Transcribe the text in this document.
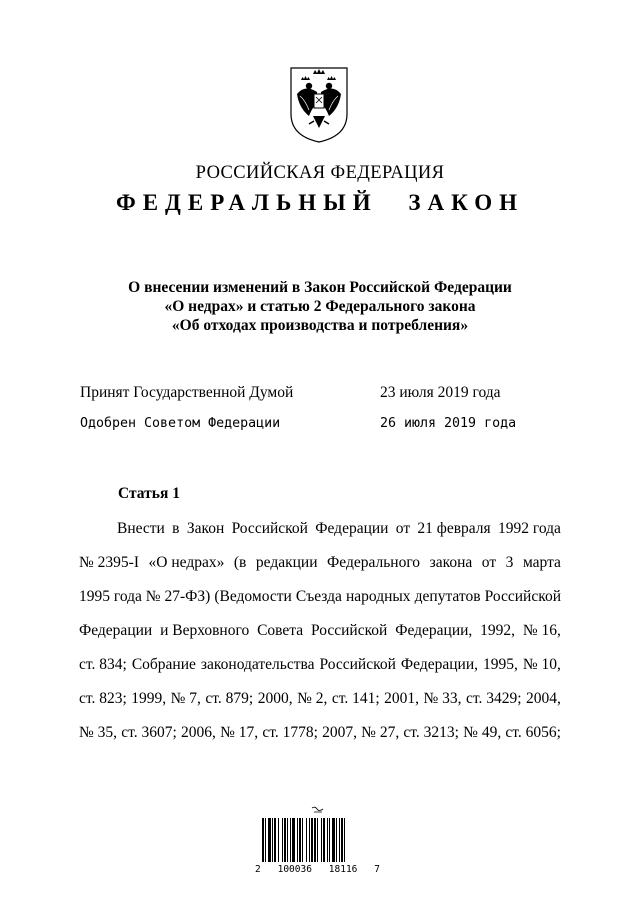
РОССИЙСКАЯ ФЕДЕРАЦИЯ
ФЕДЕРАЛЬНЫЙ ЗАКОН
О внесении изменений в Закон Российской Федерации
«О недрах» и статью 2 Федерального закона
«Об отходах производства и потребления»
Принят Государственной Думой	23 июля 2019 года
Одобрен Советом Федерации	26 июля 2019 года
Статья 1
Внести в Закон Российской Федерации от 21 февраля 1992 года
№ 2395-I «О недрах» (в редакции Федерального закона от 3 марта
1995 года № 27-ФЗ) (Ведомости Съезда народных депутатов Российской
Федерации и Верховного Совета Российской Федерации, 1992, № 16,
ст. 834; Собрание законодательства Российской Федерации, 1995, № 10,
ст. 823; 1999, № 7, ст. 879; 2000, № 2, ст. 141; 2001, № 33, ст. 3429; 2004,
№ 35, ст. 3607; 2006, № 17, ст. 1778; 2007, № 27, ст. 3213; № 49, ст. 6056;
2 100036 18116 7
